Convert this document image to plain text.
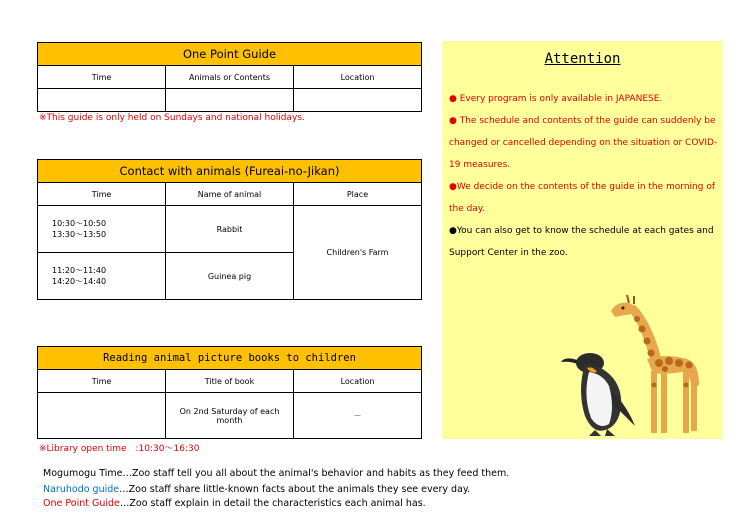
One Point Guide		
Time	Animals or Contents	Location

※This guide is only held on Sundays and national holidays.
Contact with animals (Fureai-no-Jikan)		
Time	Name of animal	Place

10:30～10:50
13:30～13:50	Rabbit	Children's Farm

11:20～11:40
14:20～14:40	Guinea pig	
Reading animal picture books to children		
Time	Title of book	Location
	On 2nd Saturday of each month	－
※Library open time　:10:30～16:30
Attention
● Every program is only available in JAPANESE.
● The schedule and contents of the guide can suddenly be changed or cancelled depending on the situation or COVID-19 measures.
●We decide on the contents of the guide in the morning of the day.
●You can also get to know the schedule at each gates and Support Center in the zoo.
Mogumogu Time…Zoo staff tell you all about the animal's behavior and habits as they feed them.
Naruhodo guide…Zoo staff share little-known facts about the animals they see every day.
One Point Guide…Zoo staff explain in detail the characteristics each animal has.
